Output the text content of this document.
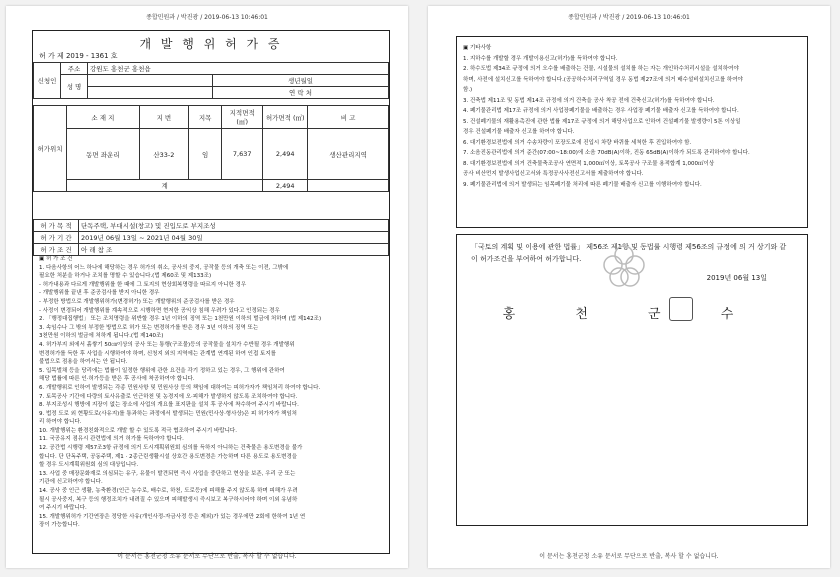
종합민원과 / 박진광 / 2019-06-13 10:46:01
개 발 행 위 허 가 증
허 가 제 2019 - 1361 호
신청인	주소	강원도 홍천군 홍천읍	
	성 명		생년월일
			연 락 처
허가위치	소 재 지	지 번	지목	지적면적 (㎡)	허가면적 (㎡)	비 고
	동면 좌운리	산33-2	임	7,637	2,494	생산관리지역
	계				2,494	
허 가 목 적	단독주택, 부대시설(창고) 및 진입도로 부지조성
허 가 기 간	2019년 06월 13일 ~ 2021년 04월 30일
허 가 조 건	아 래 참 조
▣ 허 가 조 건
1. 다음사항의 어느 하나에 해당하는 경우 허가의 취소, 공사의 중지, 공작물 등의 개축 또는 이전, 그밖에
필요한 처분을 하거나 조치를 명할 수 있습니다.(법 제60조 및 제133조)
- 허가내용과 다르게 개발행위를 한 때에 그 토지의 현상회복명령을 따르지 아니한 경우
- 개발행위를 끝낸 후 준공검사를 받지 아니한 경우
- 부정한 방법으로 개발행위허가(변경허가) 또는 개발행위의 준공검사를 받은 경우
- 사정이 변경되어 개발행위를 계속적으로 시행하면 현저한 공익상 침해 우려가 있다고 인정되는 경우
2. 「행정대집행법」 또는 조치명령을 위반할 경우 1년 이하의 징역 또는 1천만원 이하의 벌금에 처하며 (법 제142조)
3. 속임수나 그 밖의 부정한 방법으로 허가 또는 변경허가를 받은 경우 3년 이하의 징역 또는
3천만원 이하의 벌금에 처하게 됩니다.(법 제140조)
4. 허가부지 외에서 흙쌓기 50㎝이상의 공사 또는 통행(구조물)등의 공작물을 설치가 수반될 경우 개발행위
변경허가를 득한 후 사업을 시행하여야 하며, 신청지 외의 지역에는 관계법 연계된 하여 인접 토지를
불법으로 점용을 하여서는 안 됩니다.
5. 입목벌채 등을 당리에는 법률이 일정한 행위에 관한 요건을 각기 정하고 있는 경우, 그 행위에 관하여
해당 법률에 따른 인·허가등을 받은 후 공사에 착공하여야 합니다.
6. 개발행위로 인하여 발생되는 각종 민원사항 및 민원사상 등의 책임에 대하여는 피허가자가 책임처리 하여야 합니다.
7. 토목공사 기간에 다량의 토사유출로 인근하천 및 농경지에 오·피해가 발생하지 않도록 조치하여야 합니다.
8. 부지조성시 행방에 지장이 없는 장소에 사업의 개요를 표지판을 설치 후 공사에 착수하여 주시기 바랍니다.
9. 법정 도로 외 현황도로(사유지)를 통과하는 과정에서 발생되는 민원(민사상·형사상)은 피 허가자가 책임처
리 하여야 합니다.
10. 개발행위는 환경친화적으로 개발 할 수 있도록 적극 협조하여 주시기 바랍니다.
11. 국공유지 점유시 관련법에 의거 허가를 득하여야 합니다.
12. 공간법 시행령 제57조3항 규정에 의거 도시계획위원회 심의를 득하지 아니하는 건축물은 용도변경을 불가
합니다. 단 단독주택, 공동주택, 제1 · 2종근린생활시설 상호간 용도변경은 가능하며 다른 용도로 용도변경을
할 경우 도시계획위원회 심의 대상입니다.
13. 사업 중 매장문화재로 의심되는 유구, 유물이 발견되면 즉시 사업을 중단하고 현상을 보존, 우리 군 또는
기관에 신고하여야 합니다.
14. 공사 중 인근 생활, 농축환경(인근 농수로, 배수로, 하천, 도로등)에 피해를 주지 않도록 하며 피해가 우려
될시 공사중지, 복구 등의 행정조치가 내려질 수 있으며 피해발생시 즉시보고 복구하시어야 하며 이외 유념하
여 주시기 바랍니다.
15. 개발행위허가 기간연장은 정당한 사유(개인사정-자금사정 등은 제외)가 있는 경우에만 2회에 한하여 1년 연
장이 가능합니다.
이 문서는 홍천군청 소유 문서로 무단으로 반출, 복사 할 수 없습니다.
종합민원과 / 박진광 / 2019-06-13 10:46:01
▣ 기타사항
1. 지하수를 개발할 경우 개발이용신고(허가)를 득하여야 합니다.
2. 하수도법 제34조 규정에 의거 오수를 배출하는 건물, 시설물의 설치를 하는 자는 개인하수처리시설을 설치하여야
하며, 사전에 설치신고를 득하여야 합니다.(공공하수처리구역일 경우 동법 제27조에 의거 배수설비설치신고를 하여야
함.)
3. 건축법 제11조 및 동법 제14조 규정에 의거 건축을 공사 착공 전에 건축신고(허가)를 득하여야 합니다.
4. 폐기물관리법 제17조 규정에 의거 사업장폐기물을 배출하는 경우 사업장 폐기물 배출자 신고를 득하여야 합니다.
5. 건설폐기물의 재활용촉진에 관한 법률 제17조 규정에 의거 해당사업으로 인하여 건설폐기물 발생량이 5톤 이상일
경우 건설폐기물 배출자 신고를 하여야 합니다.
6. 대기환경보전법에 의거 수송차량이 포장도로에 진입시 차량 바퀴를 세척한 후 진입하여야 함.
7. 소음진동관리법에 의거 준간(07:00~18:00)에 소음 70dB(A)이하, 진동 65dB(A)이하가 되도록 관리하여야 합니다.
8. 대기환경보전법에 의거 건축물축조공사 연면적 1,000㎡이상, 토목공사 구조물 용적합계 1,000㎡이상
공사 비산먼지 발생사업신고서와 특정공사사전신고서를 제출하여야 합니다.
9. 폐기물관리법에 의거 발생되는 임목폐기물 처리에 따른 폐기물 배출자 신고를 이행하여야 합니다.
「국토의 계획 및 이용에 관한 법률」 제56조 제1항 및 동법률 시행령 제56조의 규정에 의 거 상기와 같이 허가조건을 부여하여 허가합니다.
2019년 06월 13일
홍 천 군 수
이 문서는 홍천군청 소유 문서로 무단으로 반출, 복사 할 수 없습니다.
